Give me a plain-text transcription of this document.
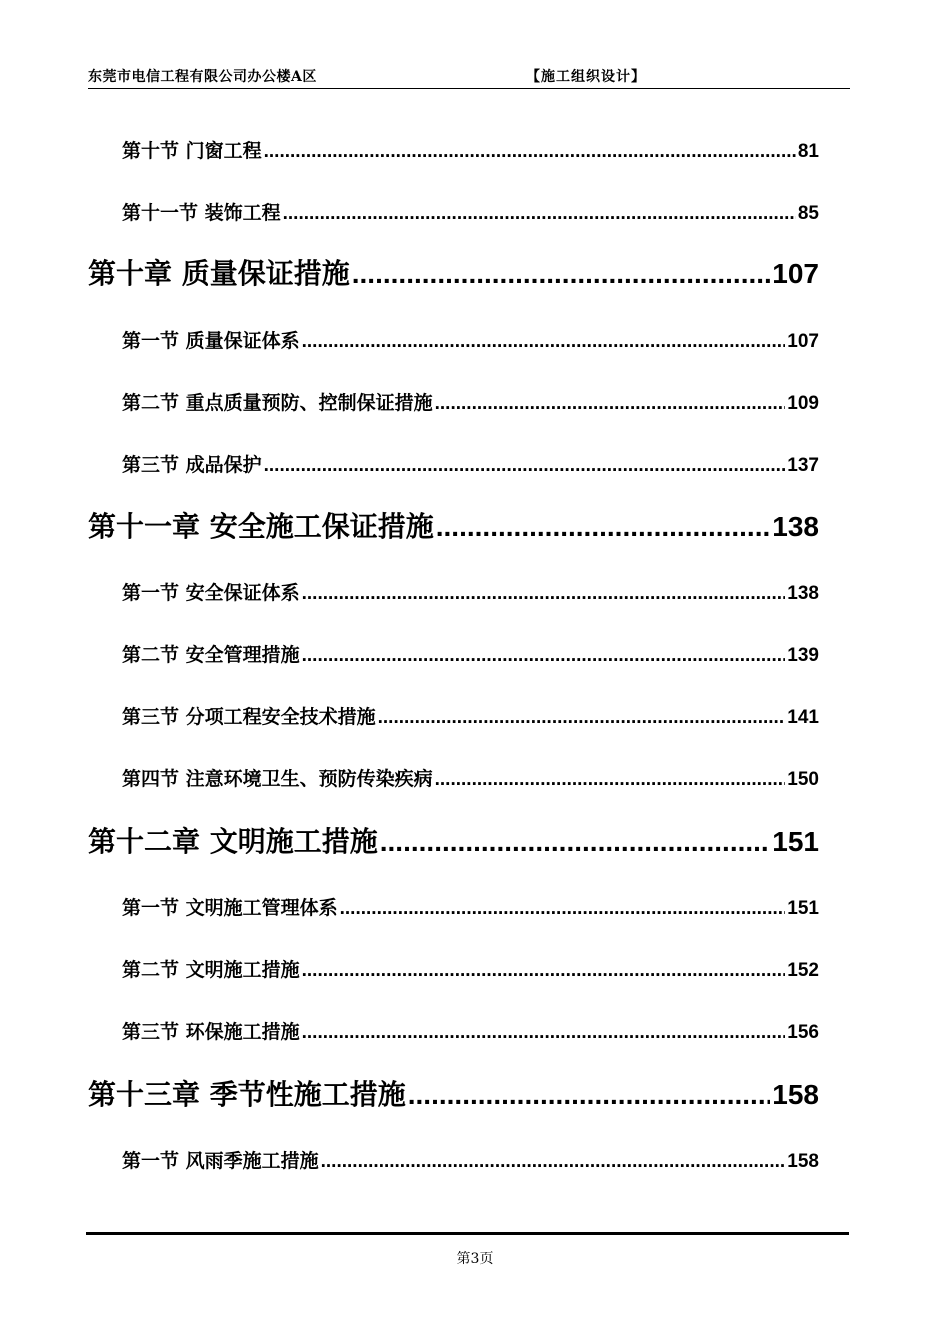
东莞市电信工程有限公司办公楼A区	【施工组织设计】
第十节 门窗工程 .....	81
第十一节 装饰工程 .....	85
第十章 质量保证措施 .....	107
第一节 质量保证体系 .....	107
第二节 重点质量预防、控制保证措施 .....	109
第三节 成品保护 .....	137
第十一章 安全施工保证措施 .....	138
第一节 安全保证体系 .....	138
第二节 安全管理措施 .....	139
第三节 分项工程安全技术措施 .....	141
第四节 注意环境卫生、预防传染疾病 .....	150
第十二章 文明施工措施 .....	151
第一节 文明施工管理体系 .....	151
第二节 文明施工措施 .....	152
第三节 环保施工措施 .....	156
第十三章 季节性施工措施 .....	158
第一节 风雨季施工措施 .....	158
第3页
